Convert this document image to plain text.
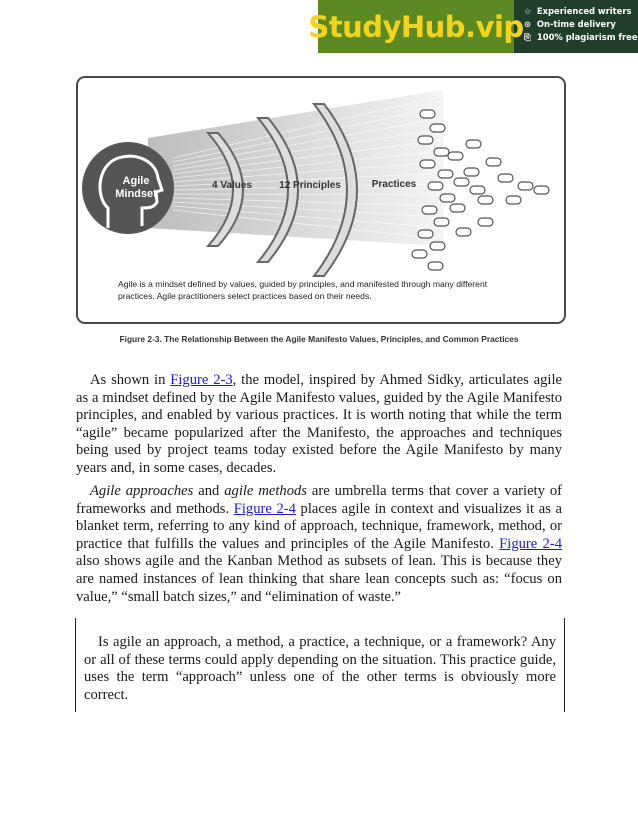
StudyHub.vip ☆ Experienced writers
⊙ On-time delivery
⎘ 100% plagiarism free
Agile
Mindset
4 Values	12 Principles	Practices
Agile is a mindset defined by values, guided by principles, and manifested through many different practices. Agile practitioners select practices based on their needs.
Figure 2-3. The Relationship Between the Agile Manifesto Values, Principles, and Common Practices
As shown in Figure 2-3, the model, inspired by Ahmed Sidky, articulates agile as a mindset defined by the Agile Manifesto values, guided by the Agile Manifesto principles, and enabled by various practices. It is worth noting that while the term “agile” became popularized after the Manifesto, the approaches and techniques being used by project teams today existed before the Agile Manifesto by many years and, in some cases, decades.
Agile approaches and agile methods are umbrella terms that cover a variety of frameworks and methods. Figure 2-4 places agile in context and visualizes it as a blanket term, referring to any kind of approach, technique, framework, method, or practice that fulfills the values and principles of the Agile Manifesto. Figure 2-4 also shows agile and the Kanban Method as subsets of lean. This is because they are named instances of lean thinking that share lean concepts such as: “focus on value,” “small batch sizes,” and “elimination of waste.”
Is agile an approach, a method, a practice, a technique, or a framework? Any or all of these terms could apply depending on the situation. This practice guide, uses the term “approach” unless one of the other terms is obviously more correct.
